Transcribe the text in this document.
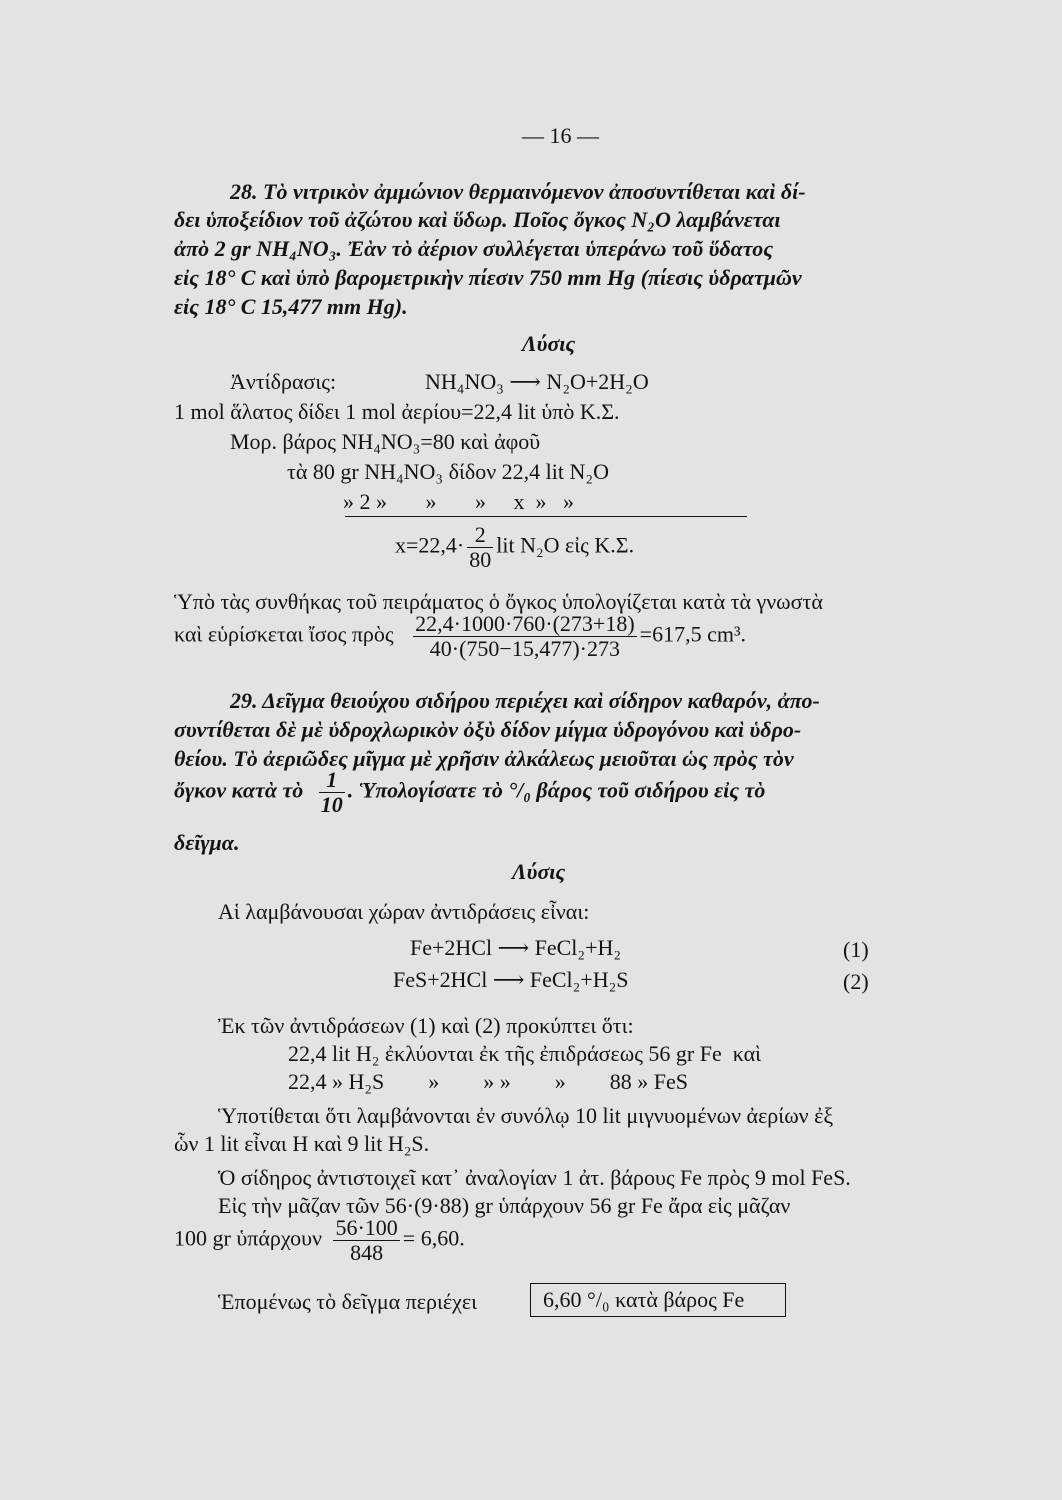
— 16 —
28. Τὸ νιτρικὸν ἀμμώνιον θερμαινόμενον ἀποσυντίθεται καὶ δί-
δει ὑποξείδιον τοῦ ἀζώτου καὶ ὕδωρ. Ποῖος ὄγκος N₂O λαμβάνεται
ἀπὸ 2 gr NH₄NO₃. Ἐὰν τὸ ἀέριον συλλέγεται ὑπεράνω τοῦ ὕδατος
εἰς 18° C καὶ ὑπὸ βαρομετρικὴν πίεσιν 750 mm Hg (πίεσις ὑδρατμῶν
εἰς 18° C 15,477 mm Hg).
Λύσις
Ἀντίδρασις:	NH₄NO₃ ⟶ N₂O+2H₂O
1 mol ἅλατος δίδει 1 mol ἀερίου=22,4 lit ὑπὸ Κ.Σ.
Μορ. βάρος NH₄NO₃=80 καὶ ἀφοῦ
τὰ 80 gr NH₄NO₃ δίδον 22,4 lit N₂O
» 2 »       »       »     x  »   »
$x=22,4\cdot \frac{2}{80}$ lit N₂O εἰς Κ.Σ.
Ὑπὸ τὰς συνθήκας τοῦ πειράματος ὁ ὄγκος ὑπολογίζεται κατὰ τὰ γνωστὰ
καὶ εὑρίσκεται ἴσος πρὸς $\frac{22,4\cdot 1000\cdot 760\cdot(273+18)}{40\cdot(750-15,477)\cdot 273} =617,5$ cm³.
29. Δεῖγμα θειούχου σιδήρου περιέχει καὶ σίδηρον καθαρόν, ἀπο-
συντίθεται δὲ μὲ ὑδροχλωρικὸν ὀξὺ δίδον μίγμα ὑδρογόνου καὶ ὑδρο-
θείου. Τὸ ἀεριῶδες μῖγμα μὲ χρῆσιν ἀλκάλεως μειοῦται ὡς πρὸς τὸν
ὄγκον κατὰ τὸ $\frac{1}{10}$ . Ὑπολογίσατε τὸ °/₀ βάρος τοῦ σιδήρου εἰς τὸ
δεῖγμα.
Λύσις
Αἱ λαμβάνουσαι χώραν ἀντιδράσεις εἶναι:
Fe+2HCl ⟶ FeCl₂+H₂	(1)
FeS+2HCl ⟶ FeCl₂+H₂S	(2)
Ἐκ τῶν ἀντιδράσεων (1) καὶ (2) προκύπτει ὅτι:
22,4 lit H₂ ἐκλύονται ἐκ τῆς ἐπιδράσεως 56 gr Fe  καὶ
22,4 » H₂S        »        » »        »        88 » FeS
Ὑποτίθεται ὅτι λαμβάνονται ἐν συνόλῳ 10 lit μιγνυομένων ἀερίων ἐξ
ὧν 1 lit εἶναι H καὶ 9 lit H₂S.
Ὁ σίδηρος ἀντιστοιχεῖ κατ᾽ ἀναλογίαν 1 ἀτ. βάρους Fe πρὸς 9 mol FeS.
Εἰς τὴν μᾶζαν τῶν 56·(9·88) gr ὑπάρχουν 56 gr Fe ἄρα εἰς μᾶζαν
100 gr ὑπάρχουν $\frac{56\cdot 100}{848} = 6,60$.
Ἑπομένως τὸ δεῖγμα περιέχει	6,60 °/₀ κατὰ βάρος Fe
